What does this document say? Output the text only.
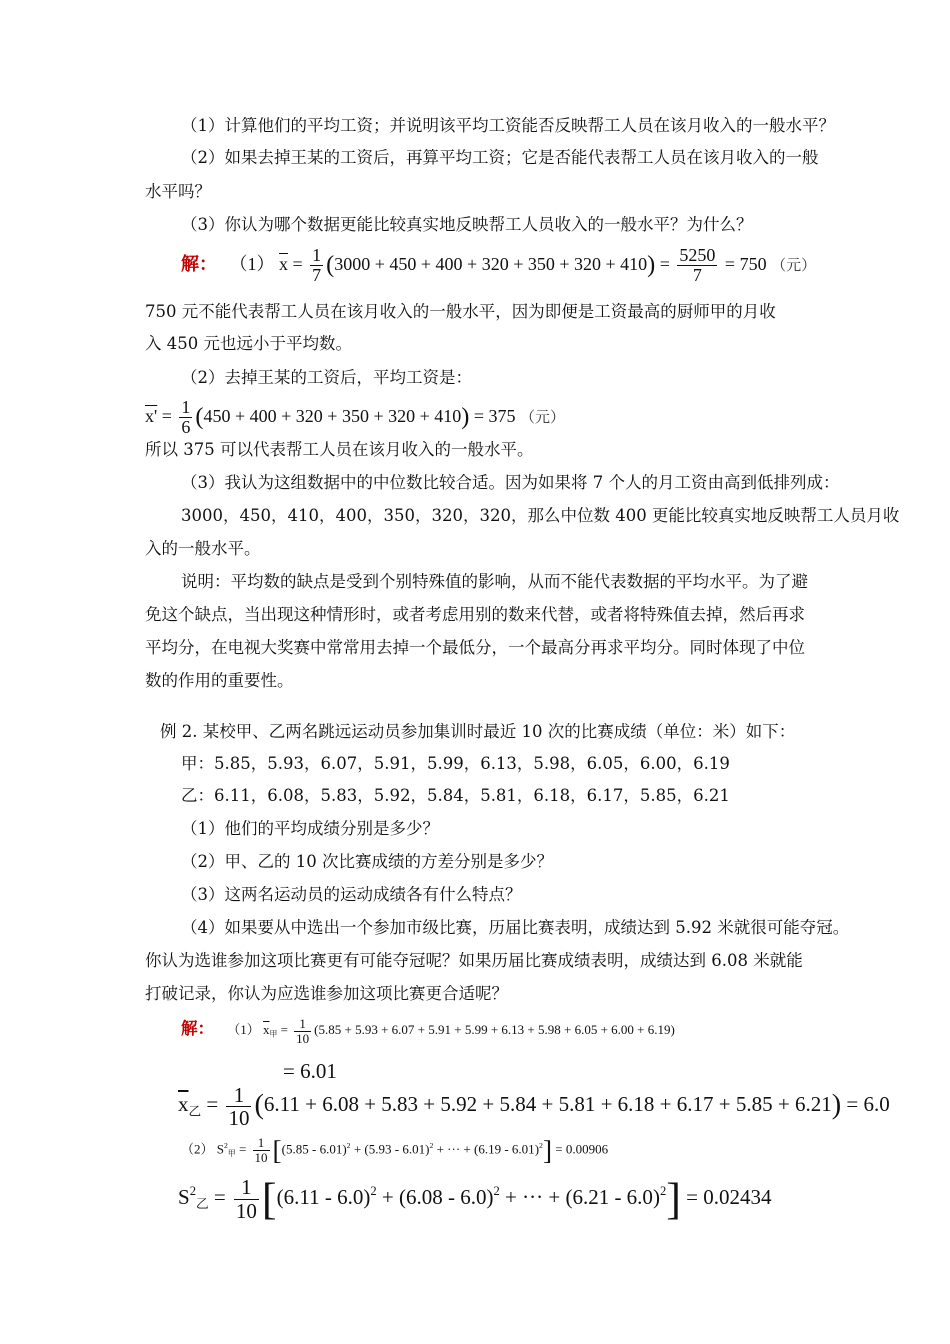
（1）计算他们的平均工资；并说明该平均工资能否反映帮工人员在该月收入的一般水平？
（2）如果去掉王某的工资后，再算平均工资；它是否能代表帮工人员在该月收入的一般
水平吗？
（3）你认为哪个数据更能比较真实地反映帮工人员收入的一般水平？为什么？
解： （1） $\overline{x} = \frac{1}{7} (3000 + 450 + 400 + 320 + 350 + 320 + 410) = \frac{5250}{7} = 750$ （元）
750 元不能代表帮工人员在该月收入的一般水平，因为即便是工资最高的厨师甲的月收
入 450 元也远小于平均数。
（2）去掉王某的工资后，平均工资是：
$x' = \frac{1}{6} (450 + 400 + 320 + 350 + 320 + 410) = 375$ （元）
所以 375 可以代表帮工人员在该月收入的一般水平。
（3）我认为这组数据中的中位数比较合适。因为如果将 7 个人的月工资由高到低排列成：
3000，450，410，400，350，320，320，那么中位数 400 更能比较真实地反映帮工人员月收
入的一般水平。
说明：平均数的缺点是受到个别特殊值的影响，从而不能代表数据的平均水平。为了避
免这个缺点，当出现这种情形时，或者考虑用别的数来代替，或者将特殊值去掉，然后再求
平均分，在电视大奖赛中常常用去掉一个最低分，一个最高分再求平均分。同时体现了中位
数的作用的重要性。
例 2. 某校甲、乙两名跳远运动员参加集训时最近 10 次的比赛成绩（单位：米）如下：
甲：5.85，5.93，6.07，5.91，5.99，6.13，5.98，6.05，6.00，6.19
乙：6.11，6.08，5.83，5.92，5.84，5.81，6.18，6.17，5.85，6.21
（1）他们的平均成绩分别是多少？
（2）甲、乙的 10 次比赛成绩的方差分别是多少？
（3）这两名运动员的运动成绩各有什么特点？
（4）如果要从中选出一个参加市级比赛，历届比赛表明，成绩达到 5.92 米就很可能夺冠。
你认为选谁参加这项比赛更有可能夺冠呢？如果历届比赛成绩表明，成绩达到 6.08 米就能
打破记录，你认为应选谁参加这项比赛更合适呢？
解： （1） $\overline{x}_甲 = \frac{1}{10} (5.85 + 5.93 + 6.07 + 5.91 + 5.99 + 6.13 + 5.98 + 6.05 + 6.00 + 6.19)$
= 6.01
$\overline{x}_乙 = \frac{1}{10} (6.11 + 6.08 + 5.83 + 5.92 + 5.84 + 5.81 + 6.18 + 6.17 + 5.85 + 6.21) = 6.0$
（2） $S^2_甲 = \frac{1}{10} [(5.85 - 6.01)^2 + (5.93 - 6.01)^2$ + ··· + (6.19 - 6.01)$^2$] = 0.00906
$S^2_乙 = \frac{1}{10} [(6.11 - 6.0)^2 + (6.08 - 6.0)^2$ + ··· + (6.21 - 6.0)$^2$] = 0.02434
